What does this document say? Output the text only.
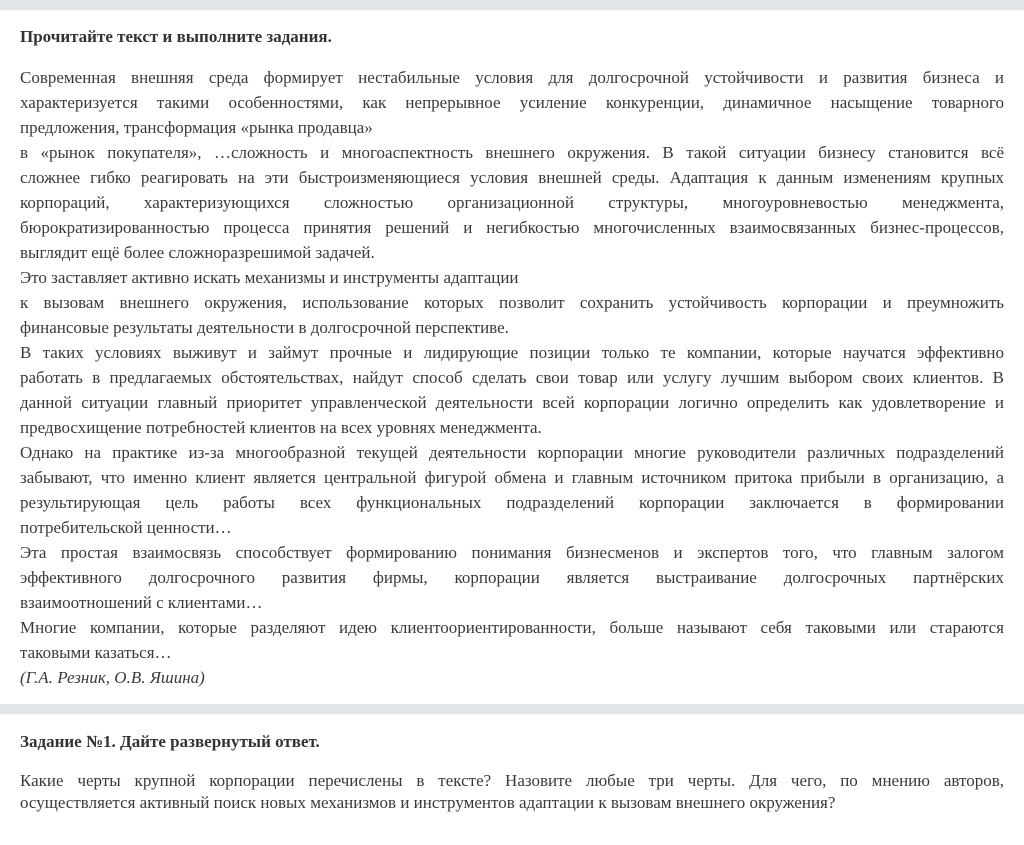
Прочитайте текст и выполните задания.

Современная внешняя среда формирует нестабильные условия для долгосрочной устойчивости и развития бизнеса и
характеризуется такими особенностями, как непрерывное усиление конкуренции, динамичное насыщение товарного
предложения, трансформация «рынка продавца»

в «рынок покупателя», …сложность и многоаспектность внешнего окружения. В такой ситуации бизнесу становится всё
сложнее гибко реагировать на эти быстроизменяющиеся условия внешней среды. Адаптация к данным изменениям крупных
корпораций, характеризующихся сложностью организационной структуры, многоуровневостью менеджмента,
бюрократизированностью процесса принятия решений и негибкостью многочисленных взаимосвязанных бизнес-процессов,
выглядит ещё более сложноразрешимой задачей.

Это заставляет активно искать механизмы и инструменты адаптации

к вызовам внешнего окружения, использование которых позволит сохранить устойчивость корпорации и преумножить
финансовые результаты деятельности в долгосрочной перспективе.

В таких условиях выживут и займут прочные и лидирующие позиции только те компании, которые научатся эффективно
работать в предлагаемых обстоятельствах, найдут способ сделать свои товар или услугу лучшим выбором своих клиентов. В
данной ситуации главный приоритет управленческой деятельности всей корпорации логично определить как удовлетворение и
предвосхищение потребностей клиентов на всех уровнях менеджмента.

Однако на практике из-за многообразной текущей деятельности корпорации многие руководители различных подразделений
забывают, что именно клиент является центральной фигурой обмена и главным источником притока прибыли в организацию, а
результирующая цель работы всех функциональных подразделений корпорации заключается в формировании
потребительской ценности…

Эта простая взаимосвязь способствует формированию понимания бизнесменов и экспертов того, что главным залогом
эффективного долгосрочного развития фирмы, корпорации является выстраивание долгосрочных партнёрских
взаимоотношений с клиентами…

Многие компании, которые разделяют идею клиентоориентированности, больше называют себя таковыми или стараются
таковыми казаться…

(Г.А. Резник, О.В. Яшина)

Задание №1. Дайте развернутый ответ.

Какие черты крупной корпорации перечислены в тексте? Назовите любые три черты. Для чего, по мнению авторов,
осуществляется активный поиск новых механизмов и инструментов адаптации к вызовам внешнего окружения?
